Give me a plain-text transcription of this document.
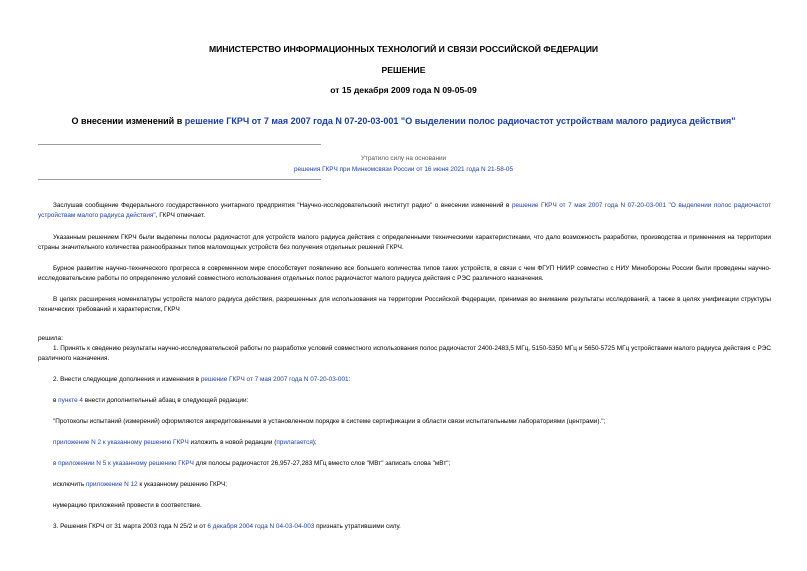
МИНИСТЕРСТВО ИНФОРМАЦИОННЫХ ТЕХНОЛОГИЙ И СВЯЗИ РОССИЙСКОЙ ФЕДЕРАЦИИ
РЕШЕНИЕ
от 15 декабря 2009 года N 09-05-09
О внесении изменений в решение ГКРЧ от 7 мая 2007 года N 07-20-03-001 "О выделении полос радиочастот устройствам малого радиуса действия"
Утратило силу на основании
решения ГКРЧ при Минкомсвязи России от 16 июня 2021 года N 21-58-05
Заслушав сообщение Федерального государственного унитарного предприятия "Научно-исследовательский институт радио" о внесении изменений в решение ГКРЧ от 7 мая 2007 года N 07-20-03-001 "О выделении полос радиочастот устройствам малого радиуса действия", ГКРЧ отмечает.
Указанным решением ГКРЧ были выделены полосы радиочастот для устройств малого радиуса действия с определенными техническими характеристиками, что дало возможность разработки, производства и применения на территории страны значительного количества разнообразных типов маломощных устройств без получения отдельных решений ГКРЧ.
Бурное развитие научно-технического прогресса в современном мире способствует появлению все большего количества типов таких устройств, в связи с чем ФГУП НИИР совместно с НИУ Минобороны России были проведены научно-исследовательские работы по определению условий совместного использования отдельных полос радиочастот малого радиуса действия с РЭС различного назначения.
В целях расширения номенклатуры устройств малого радиуса действия, разрешенных для использования на территории Российской Федерации, принимая во внимание результаты исследований, а также в целях унификации структуры технических требований и характеристик, ГКРЧ
решила:
1. Принять к сведению результаты научно-исследовательской работы по разработке условий совместного использования полос радиочастот 2400-2483,5 МГц, 5150-5350 МГц и 5650-5725 МГц устройствами малого радиуса действия с РЭС различного назначения.
2. Внести следующие дополнения и изменения в решение ГКРЧ от 7 мая 2007 года N 07-20-03-001:
в пункте 4 внести дополнительный абзац в следующей редакции:
"Протоколы испытаний (измерений) оформляются аккредитованными в установленном порядке в системе сертификации в области связи испытательными лабораториями (центрами).";
приложение N 2 к указанному решению ГКРЧ изложить в новой редакции (прилагается);
в приложении N 5 к указанному решению ГКРЧ для полосы радиочастот 26,957-27,283 МГц вместо слов "МВт" записать слова "мВт";
исключить приложение N 12 к указанному решению ГКРЧ;
нумерацию приложений провести в соответствие.
3. Решения ГКРЧ от 31 марта 2003 года N 25/2 и от 6 декабря 2004 года N 04-03-04-003 признать утратившими силу.
